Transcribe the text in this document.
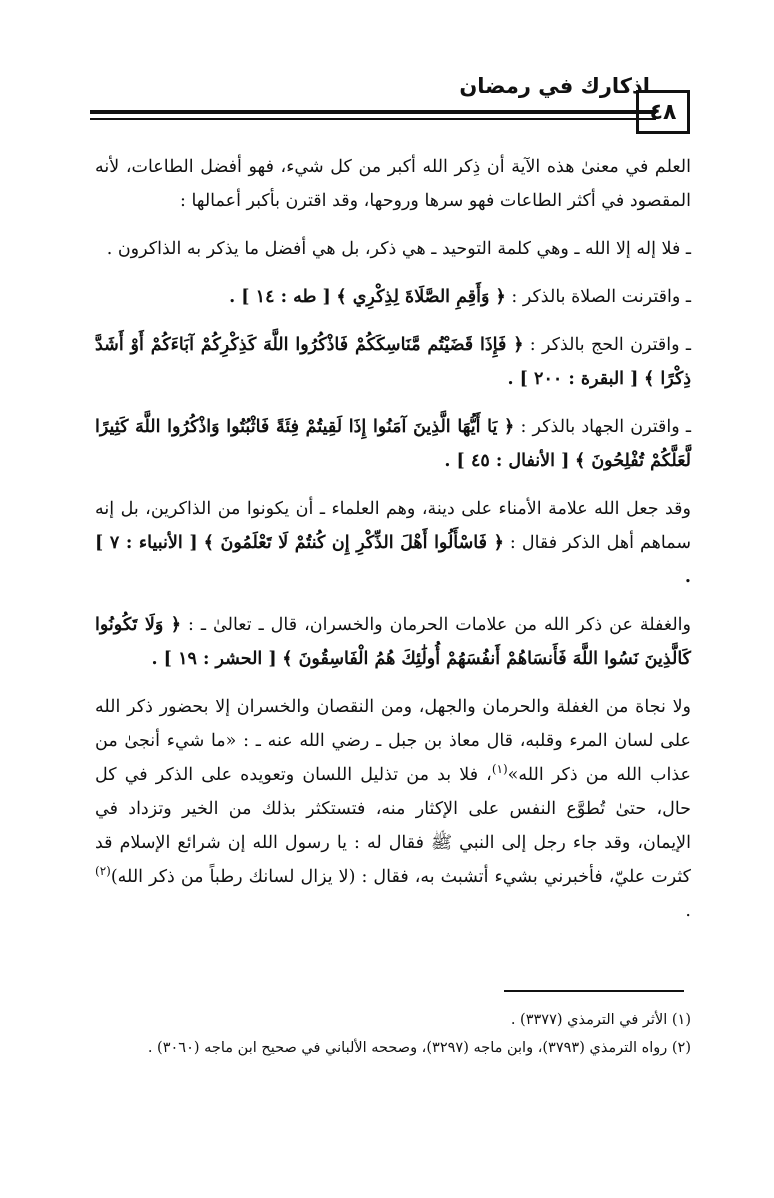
اذكارك في رمضان
٤٨

العلم في معنىٰ هذه الآية أن ذِكر الله أكبر من كل شيء، فهو أفضل الطاعات، لأنه المقصود في أكثر الطاعات فهو سرها وروحها، وقد اقترن بأكبر أعمالها :

ـ فلا إله إلا الله ـ وهي كلمة التوحيد ـ هي ذكر، بل هي أفضل ما يذكر به الذاكرون .

ـ واقترنت الصلاة بالذكر : ﴿ وَأَقِمِ الصَّلَاةَ لِذِكْرِي ﴾ [ طه : ١٤ ] .

ـ واقترن الحج بالذكر : ﴿ فَإِذَا قَضَيْتُم مَّنَاسِكَكُمْ فَاذْكُرُوا اللَّهَ كَذِكْرِكُمْ آبَاءَكُمْ أَوْ أَشَدَّ ذِكْرًا ﴾ [ البقرة : ٢٠٠ ] .

ـ واقترن الجهاد بالذكر : ﴿ يَا أَيُّهَا الَّذِينَ آمَنُوا إِذَا لَقِيتُمْ فِئَةً فَاثْبُتُوا وَاذْكُرُوا اللَّهَ كَثِيرًا لَّعَلَّكُمْ تُفْلِحُونَ ﴾ [ الأنفال : ٤٥ ] .

وقد جعل الله علامة الأمناء على دينة، وهم العلماء ـ أن يكونوا من الذاكرين، بل إنه سماهم أهل الذكر فقال : ﴿ فَاسْأَلُوا أَهْلَ الذِّكْرِ إِن كُنتُمْ لَا تَعْلَمُونَ ﴾ [ الأنبياء : ٧ ] .

والغفلة عن ذكر الله من علامات الحرمان والخسران، قال ـ تعالىٰ ـ : ﴿ وَلَا تَكُونُوا كَالَّذِينَ نَسُوا اللَّهَ فَأَنسَاهُمْ أَنفُسَهُمْ أُولَٰئِكَ هُمُ الْفَاسِقُونَ ﴾ [ الحشر : ١٩ ] .

ولا نجاة من الغفلة والحرمان والجهل، ومن النقصان والخسران إلا بحضور ذكر الله على لسان المرء وقلبه، قال معاذ بن جبل ـ رضي الله عنه ـ : «ما شيء أنجىٰ من عذاب الله من ذكر الله»$^{(١)}$، فلا بد من تذليل اللسان وتعويده على الذكر في كل حال، حتىٰ تُطوَّع النفس على الإكثار منه، فتستكثر بذلك من الخير وتزداد في الإيمان، وقد جاء رجل إلى النبي ﷺ فقال له : يا رسول الله إن شرائع الإسلام قد كثرت عليّ، فأخبرني بشيء أتشبث به، فقال : (لا يزال لسانك رطباً من ذكر الله)$^{(٢)}$ .

(١) الأثر في الترمذي (٣٣٧٧) .

(٢) رواه الترمذي (٣٧٩٣)، وابن ماجه (٣٢٩٧)، وصححه الألباني في صحيح ابن ماجه (٣٠٦٠) .
